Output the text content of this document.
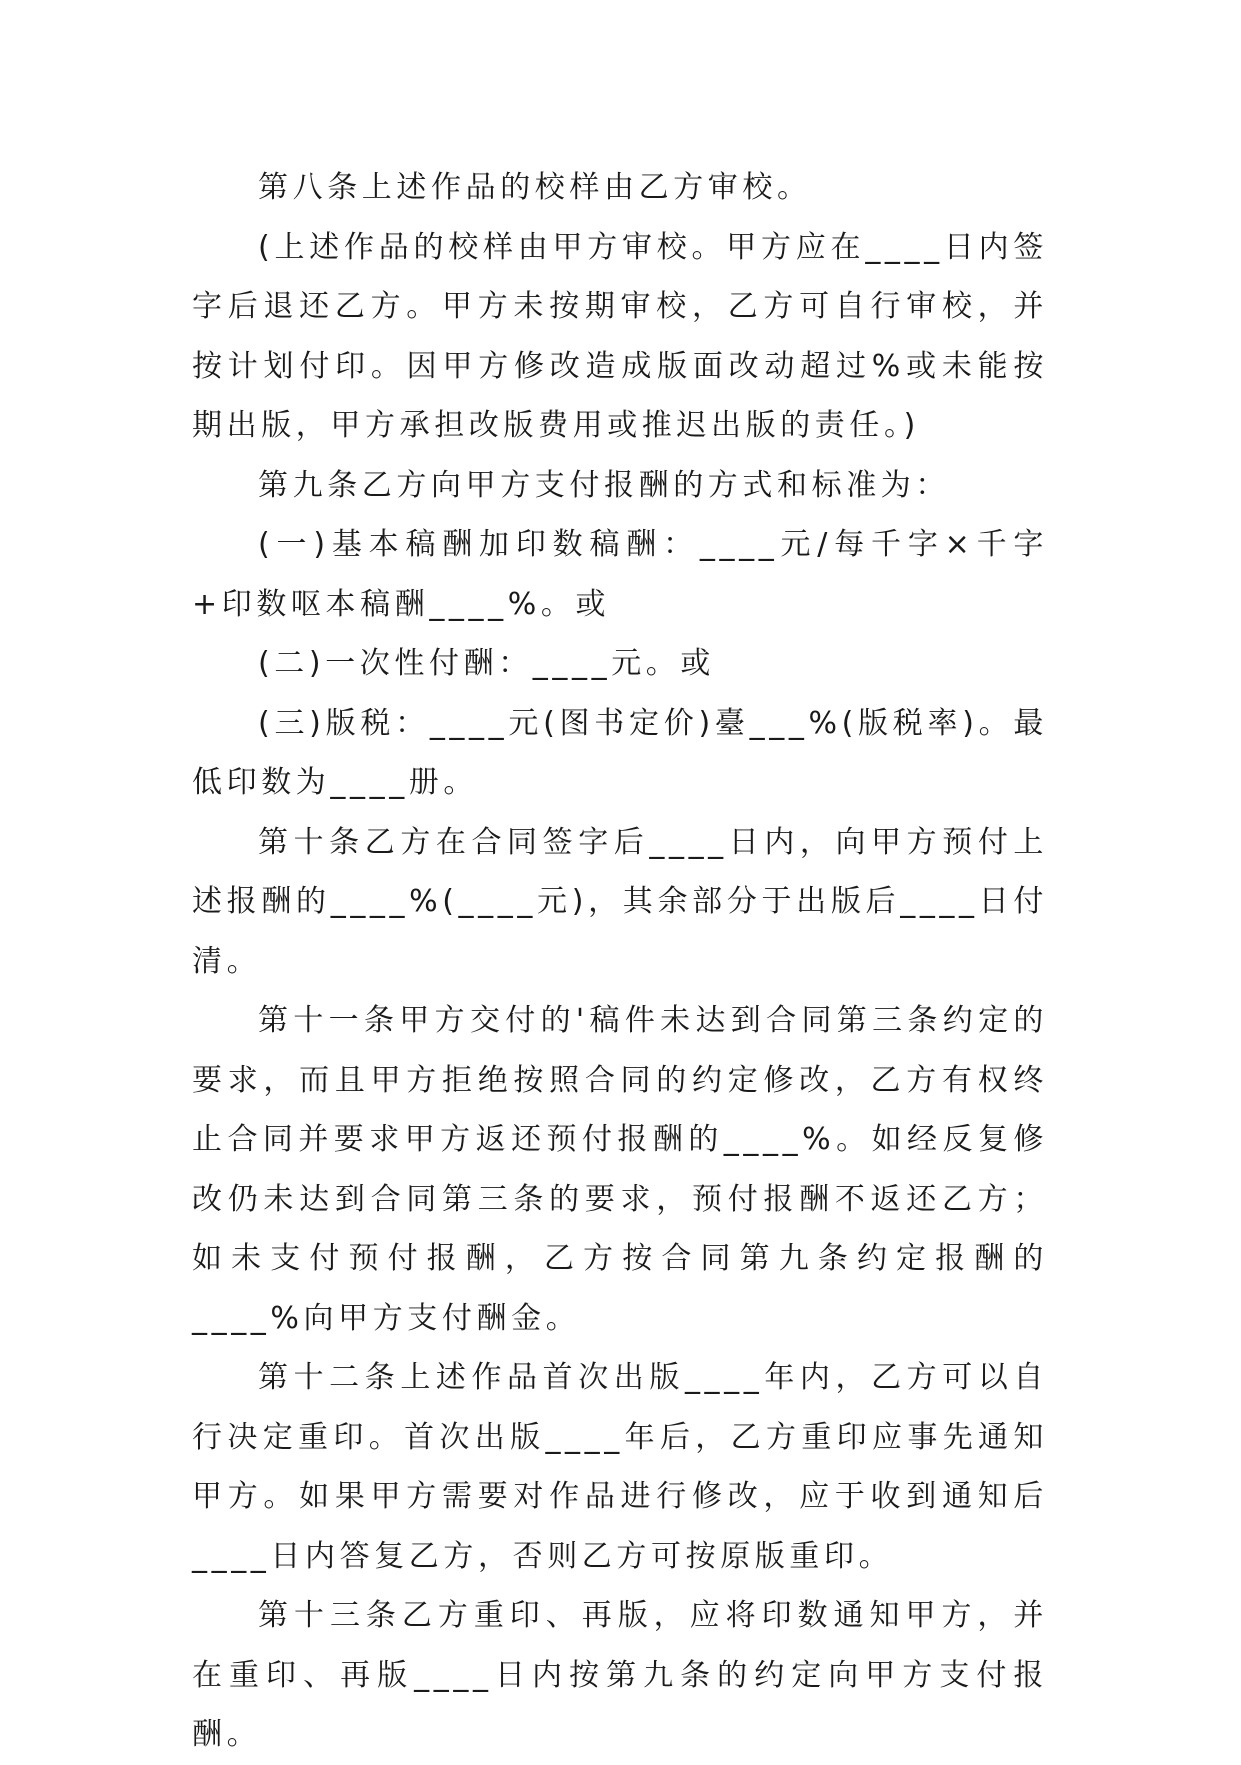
第八条上述作品的校样由乙方审校。

(上述作品的校样由甲方审校。甲方应在____日内签字后退还乙方。甲方未按期审校，乙方可自行审校，并按计划付印。因甲方修改造成版面改动超过%或未能按期出版，甲方承担改版费用或推迟出版的责任。)

第九条乙方向甲方支付报酬的方式和标准为：

(一)基本稿酬加印数稿酬：____元/每千字×千字+印数呕本稿酬____%。或

(二)一次性付酬：____元。或

(三)版税：____元(图书定价)臺___%(版税率)。最低印数为____册。

第十条乙方在合同签字后____日内，向甲方预付上述报酬的____%(____元)，其余部分于出版后____日付清。

第十一条甲方交付的'稿件未达到合同第三条约定的要求，而且甲方拒绝按照合同的约定修改，乙方有权终止合同并要求甲方返还预付报酬的____%。如经反复修改仍未达到合同第三条的要求，预付报酬不返还乙方；如未支付预付报酬，乙方按合同第九条约定报酬的____%向甲方支付酬金。

第十二条上述作品首次出版____年内，乙方可以自行决定重印。首次出版____年后，乙方重印应事先通知甲方。如果甲方需要对作品进行修改，应于收到通知后____日内答复乙方，否则乙方可按原版重印。

第十三条乙方重印、再版，应将印数通知甲方，并在重印、再版____日内按第九条的约定向甲方支付报酬。
